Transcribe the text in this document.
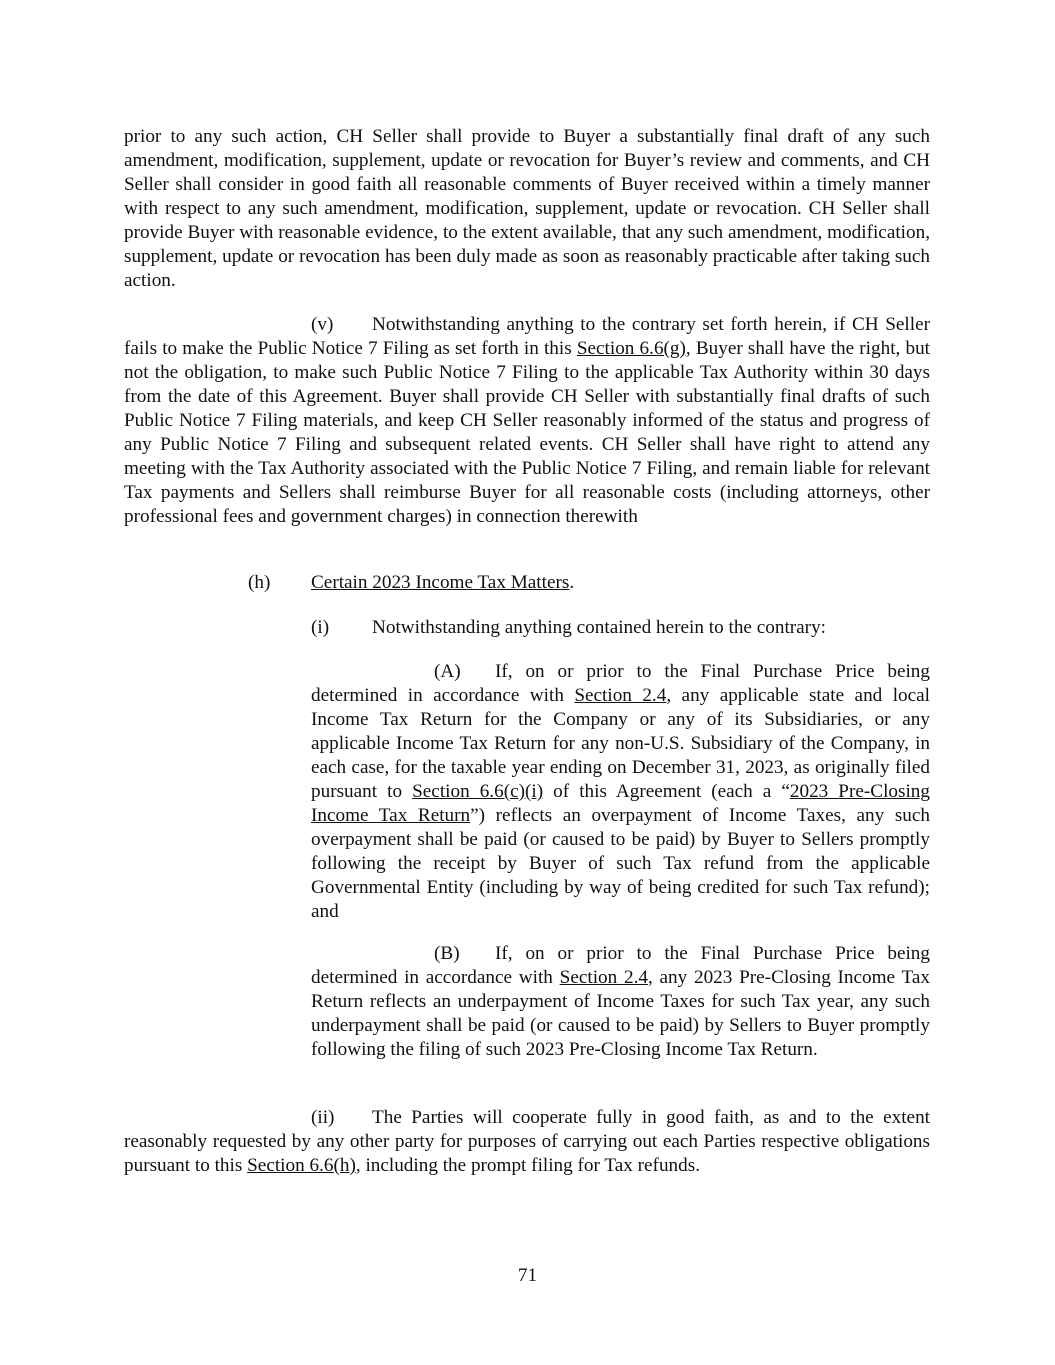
prior to any such action, CH Seller shall provide to Buyer a substantially final draft of any such amendment, modification, supplement, update or revocation for Buyer’s review and comments, and CH Seller shall consider in good faith all reasonable comments of Buyer received within a timely manner with respect to any such amendment, modification, supplement, update or revocation. CH Seller shall provide Buyer with reasonable evidence, to the extent available, that any such amendment, modification, supplement, update or revocation has been duly made as soon as reasonably practicable after taking such action.

(v) Notwithstanding anything to the contrary set forth herein, if CH Seller fails to make the Public Notice 7 Filing as set forth in this Section 6.6(g), Buyer shall have the right, but not the obligation, to make such Public Notice 7 Filing to the applicable Tax Authority within 30 days from the date of this Agreement. Buyer shall provide CH Seller with substantially final drafts of such Public Notice 7 Filing materials, and keep CH Seller reasonably informed of the status and progress of any Public Notice 7 Filing and subsequent related events. CH Seller shall have right to attend any meeting with the Tax Authority associated with the Public Notice 7 Filing, and remain liable for relevant Tax payments and Sellers shall reimburse Buyer for all reasonable costs (including attorneys, other professional fees and government charges) in connection therewith

(h) Certain 2023 Income Tax Matters.

(i) Notwithstanding anything contained herein to the contrary:

(A) If, on or prior to the Final Purchase Price being determined in accordance with Section 2.4, any applicable state and local Income Tax Return for the Company or any of its Subsidiaries, or any applicable Income Tax Return for any non-U.S. Subsidiary of the Company, in each case, for the taxable year ending on December 31, 2023, as originally filed pursuant to Section 6.6(c)(i) of this Agreement (each a “2023 Pre-Closing Income Tax Return”) reflects an overpayment of Income Taxes, any such overpayment shall be paid (or caused to be paid) by Buyer to Sellers promptly following the receipt by Buyer of such Tax refund from the applicable Governmental Entity (including by way of being credited for such Tax refund); and

(B) If, on or prior to the Final Purchase Price being determined in accordance with Section 2.4, any 2023 Pre-Closing Income Tax Return reflects an underpayment of Income Taxes for such Tax year, any such underpayment shall be paid (or caused to be paid) by Sellers to Buyer promptly following the filing of such 2023 Pre-Closing Income Tax Return.

(ii) The Parties will cooperate fully in good faith, as and to the extent reasonably requested by any other party for purposes of carrying out each Parties respective obligations pursuant to this Section 6.6(h), including the prompt filing for Tax refunds.

71
